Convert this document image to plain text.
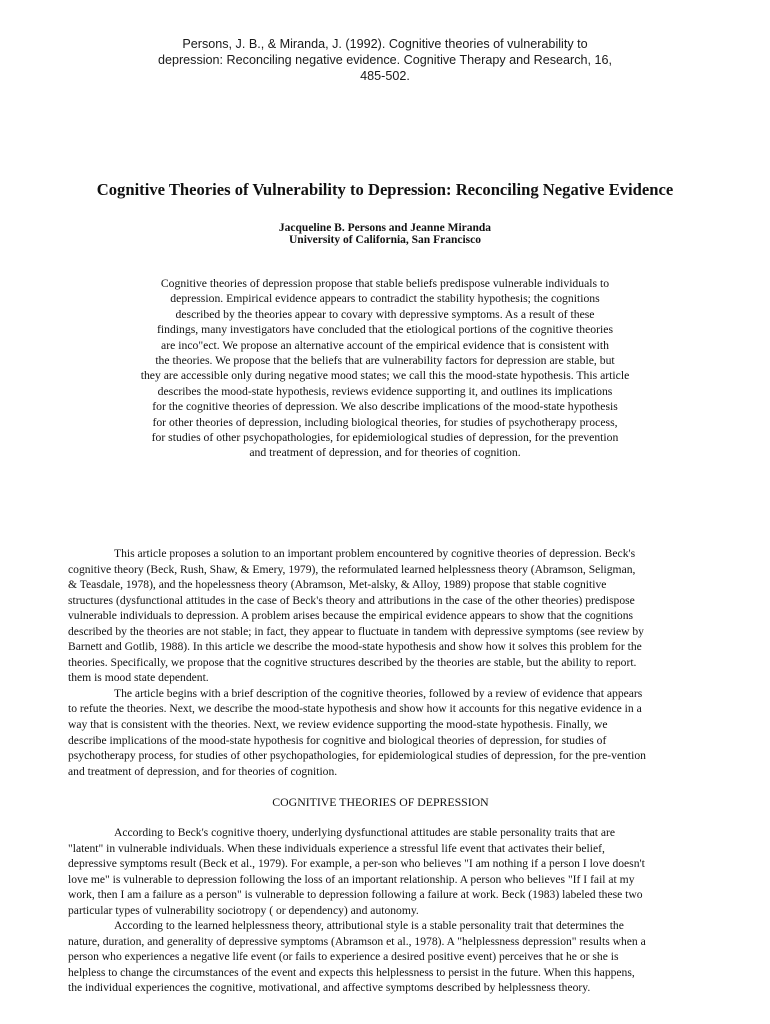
Persons, J. B., & Miranda, J. (1992). Cognitive theories of vulnerability to
depression: Reconciling negative evidence. Cognitive Therapy and Research, 16,
485-502.
Cognitive Theories of Vulnerability to Depression: Reconciling Negative Evidence
Jacqueline B. Persons and Jeanne Miranda
University of California, San Francisco
Cognitive theories of depression propose that stable beliefs predispose vulnerable individuals to
depression. Empirical evidence appears to contradict the stability hypothesis; the cognitions
described by the theories appear to covary with depressive symptoms. As a result of these
findings, many investigators have concluded that the etiological portions of the cognitive theories
are inco"ect. We propose an alternative account of the empirical evidence that is consistent with
the theories. We propose that the beliefs that are vulnerability factors for depression are stable, but
they are accessible only during negative mood states; we call this the mood-state hypothesis. This article
describes the mood-state hypothesis, reviews evidence supporting it, and outlines its implications
for the cognitive theories of depression. We also describe implications of the mood-state hypothesis
for other theories of depression, including biological theories, for studies of psychotherapy process,
for studies of other psychopathologies, for epidemiological studies of depression, for the prevention
and treatment of depression, and for theories of cognition.
This article proposes a solution to an important problem encountered by cognitive theories of depression. Beck's
cognitive theory (Beck, Rush, Shaw, & Emery, 1979), the reformulated learned helplessness theory (Abramson, Seligman,
& Teasdale, 1978), and the hopelessness theory (Abramson, Met-alsky, & Alloy, 1989) propose that stable cognitive
structures (dysfunctional attitudes in the case of Beck's theory and attributions in the case of the other theories) predispose
vulnerable individuals to depression. A problem arises because the empirical evidence appears to show that the cognitions
described by the theories are not stable; in fact, they appear to fluctuate in tandem with depressive symptoms (see review by
Barnett and Gotlib, 1988). In this article we describe the mood-state hypothesis and show how it solves this problem for the
theories. Specifically, we propose that the cognitive structures described by the theories are stable, but the ability to report.
them is mood state dependent.
The article begins with a brief description of the cognitive theories, followed by a review of evidence that appears
to refute the theories. Next, we describe the mood-state hypothesis and show how it accounts for this negative evidence in a
way that is consistent with the theories. Next, we review evidence supporting the mood-state hypothesis. Finally, we
describe implications of the mood-state hypothesis for cognitive and biological theories of depression, for studies of
psychotherapy process, for studies of other psychopathologies, for epidemiological studies of depression, for the pre-vention
and treatment of depression, and for theories of cognition.
COGNITIVE THEORIES OF DEPRESSION
According to Beck's cognitive thoery, underlying dysfunctional attitudes are stable personality traits that are
"latent" in vulnerable individuals. When these individuals experience a stressful life event that activates their belief,
depressive symptoms result (Beck et al., 1979). For example, a per-son who believes "I am nothing if a person I love doesn't
love me" is vulnerable to depression following the loss of an important relationship. A person who believes "If I fail at my
work, then I am a failure as a person" is vulnerable to depression following a failure at work. Beck (1983) labeled these two
particular types of vulnerability sociotropy ( or dependency) and autonomy.
According to the learned helplessness theory, attributional style is a stable personality trait that determines the
nature, duration, and generality of depressive symptoms (Abramson et al., 1978). A "helplessness depression" results when a
person who experiences a negative life event (or fails to experience a desired positive event) perceives that he or she is
helpless to change the circumstances of the event and expects this helplessness to persist in the future. When this happens,
the individual experiences the cognitive, motivational, and affective symptoms described by helplessness theory.
